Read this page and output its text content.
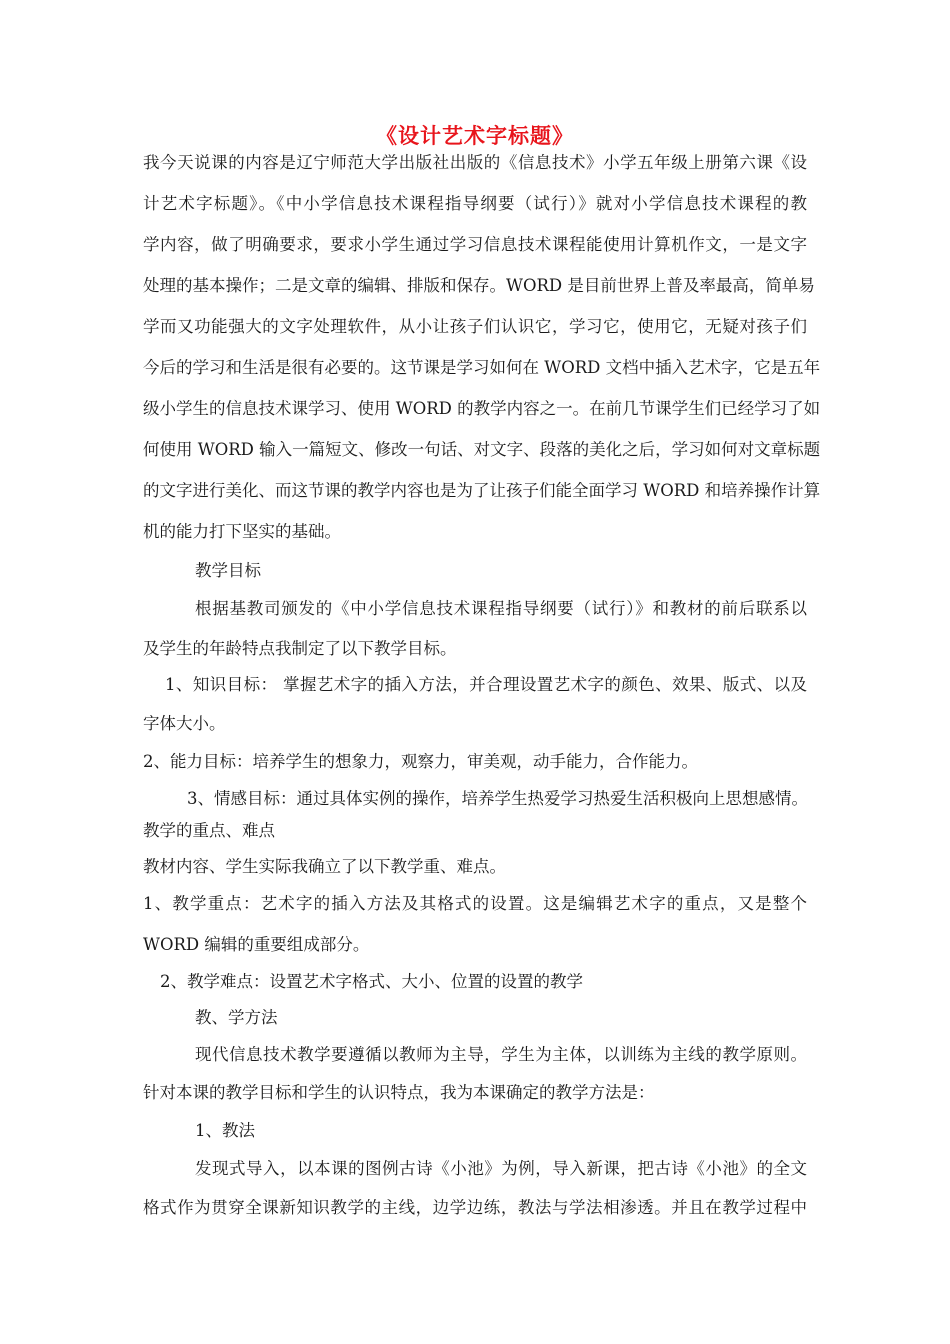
《设计艺术字标题》
我今天说课的内容是辽宁师范大学出版社出版的《信息技术》小学五年级上册第六课《设
计艺术字标题》。《中小学信息技术课程指导纲要（试行）》就对小学信息技术课程的教
学内容，做了明确要求，要求小学生通过学习信息技术课程能使用计算机作文，一是文字
处理的基本操作；二是文章的编辑、排版和保存。WORD 是目前世界上普及率最高，简单易
学而又功能强大的文字处理软件，从小让孩子们认识它，学习它，使用它，无疑对孩子们
今后的学习和生活是很有必要的。这节课是学习如何在 WORD 文档中插入艺术字，它是五年
级小学生的信息技术课学习、使用 WORD 的教学内容之一。在前几节课学生们已经学习了如
何使用 WORD 输入一篇短文、修改一句话、对文字、段落的美化之后，学习如何对文章标题
的文字进行美化、而这节课的教学内容也是为了让孩子们能全面学习 WORD 和培养操作计算
机的能力打下坚实的基础。
教学目标
根据基教司颁发的《中小学信息技术课程指导纲要（试行）》和教材的前后联系以
及学生的年龄特点我制定了以下教学目标。
1、知识目标： 掌握艺术字的插入方法，并合理设置艺术字的颜色、效果、版式、以及
字体大小。
2、能力目标：培养学生的想象力，观察力，审美观，动手能力，合作能力。
3、情感目标：通过具体实例的操作，培养学生热爱学习热爱生活积极向上思想感情。
教学的重点、难点
教材内容、学生实际我确立了以下教学重、难点。
1、教学重点：艺术字的插入方法及其格式的设置。这是编辑艺术字的重点，又是整个
WORD 编辑的重要组成部分。
2、教学难点：设置艺术字格式、大小、位置的设置的教学
教、学方法
现代信息技术教学要遵循以教师为主导，学生为主体，以训练为主线的教学原则。
针对本课的教学目标和学生的认识特点，我为本课确定的教学方法是：
1、教法
发现式导入，以本课的图例古诗《小池》为例，导入新课，把古诗《小池》的全文
格式作为贯穿全课新知识教学的主线，边学边练，教法与学法相渗透。并且在教学过程中
